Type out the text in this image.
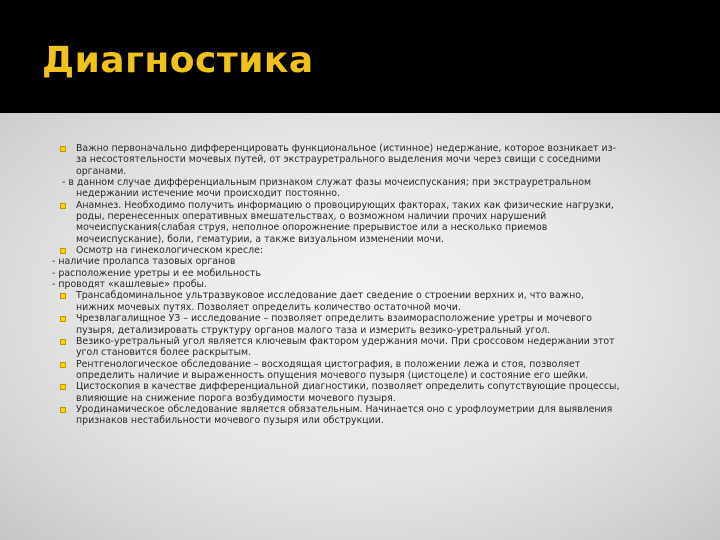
Диагностика
Важно первоначально дифференцировать функциональное (истинное) недержание, которое возникает из-
за несостоятельности мочевых путей, от экстрауретрального выделения мочи через свищи с соседними
органами.
- в данном случае дифференциальным признаком служат фазы мочеиспускания; при экстрауретральном
недержании истечение мочи происходит постоянно.
Анамнез. Необходимо получить информацию о провоцирующих факторах, таких как физические нагрузки,
роды, перенесенных оперативных вмешательствах, о возможном наличии прочих нарушений
мочеиспускания(слабая струя, неполное опорожнение прерывистое или а несколько приемов
мочеиспускание), боли, гематурии, а также визуальном изменении мочи.
Осмотр на гинекологическом кресле:
- наличие пролапса тазовых органов
- расположение уретры и ее мобильность
- проводят «кашлевые» пробы.
Трансабдоминальное ультразвуковое исследование дает сведение о строении верхних и, что важно,
нижних мочевых путях. Позволяет определить количество остаточной мочи.
Чрезвлагалищное УЗ – исследование – позволяет определить взаиморасположение уретры и мочевого
пузыря, детализировать структуру органов малого таза и измерить везико-уретральный угол.
Везико-уретральный угол является ключевым фактором удержания мочи. При сроссовом недержании этот
угол становится более раскрытым.
Рентгенологическое обследование – восходящая цистография, в положении лежа и стоя, позволяет
определить наличие и выраженность опущения мочевого пузыря (цистоцеле) и состояние его шейки.
Цистоскопия в качестве дифференциальной диагностики, позволяет определить сопутствующие процессы,
влияющие на снижение порога возбудимости мочевого пузыря.
Уродинамическое обследование является обязательным. Начинается оно с урофлоуметрии для выявления
признаков нестабильности мочевого пузыря или обструкции.
